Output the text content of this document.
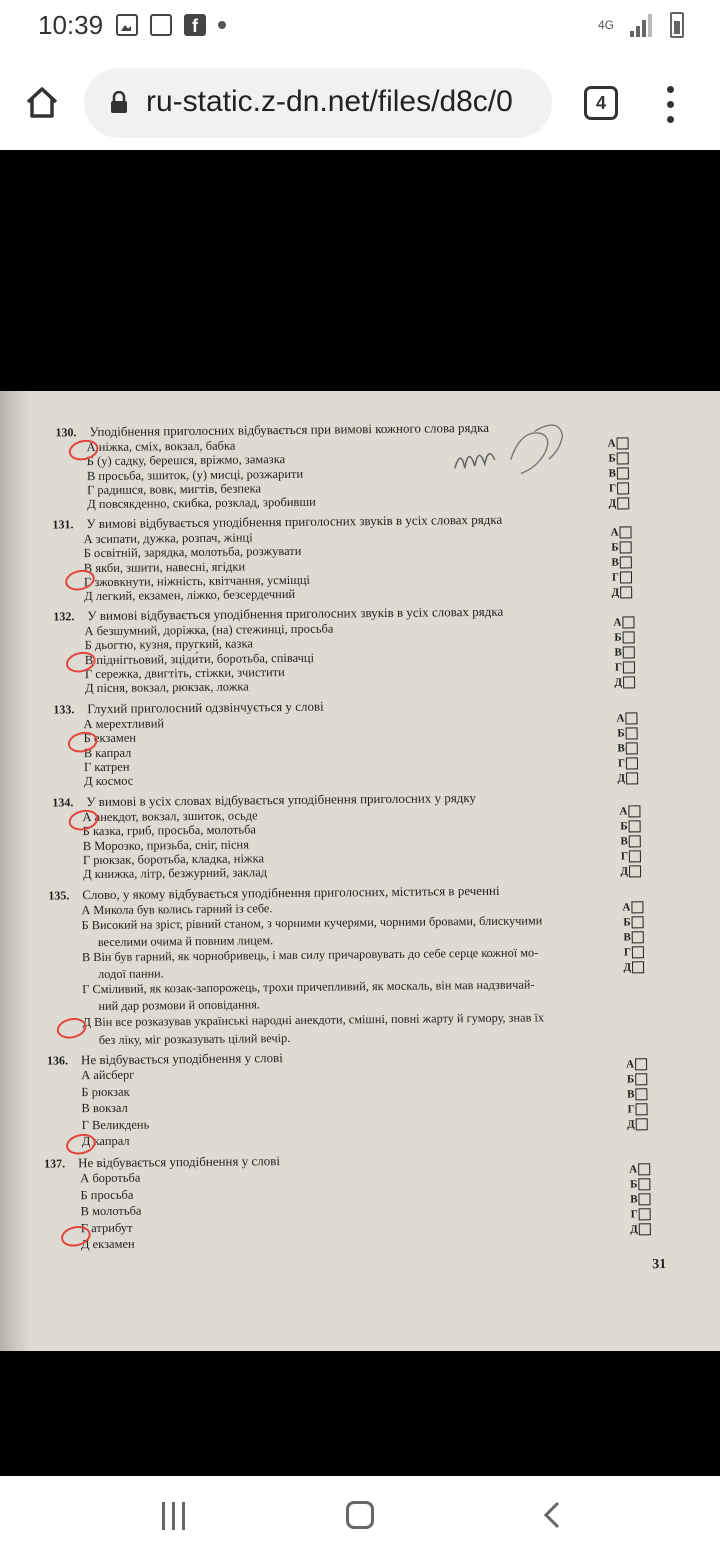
10:39	f	4G
ru-static.z-dn.net/files/d8c/0	4
31
130. Уподібнення приголосних відбувається при вимові кожного слова рядка
А ніжка, сміх, вокзал, бабка
Б (у) садку, берешся, вріжмо, замазка
В просьба, зшиток, (у) мисці, розжарити
Г радишся, вовк, мигтів, безпека
Д повсякденно, скибка, розклад, зробивши
А
Б
В
Г
Д
131. У вимові відбувається уподібнення приголосних звуків в усіх словах рядка
А зсипати, дужка, розпач, жінці
Б освітній, зарядка, молотьба, розжувати
В якби, зшити, навесні, ягідки
Г зжовкнути, ніжність, квітчання, усміщці
Д легкий, екзамен, ліжко, безсердечний
А
Б
В
Г
Д
132. У вимові відбувається уподібнення приголосних звуків в усіх словах рядка
А безшумний, доріжка, (на) стежинці, просьба
Б дьогтю, кузня, пругкий, казка
В підніґтьовий, зціди́ти, боротьба, співачці
Г сережка, двигтіть, стіжки, зчистити
Д пісня, вокзал, рюкзак, ложка
А
Б
В
Г
Д
133. Глухий приголосний одзвінчується у слові
А мерехтливий
Б екзамен
В капрал
Г катрен
Д космос
А
Б
В
Г
Д
134. У вимові в усіх словах відбувається уподібнення приголосних у рядку
А анекдот, вокзал, зшиток, осьде
Б казка, гриб, просьба, молотьба
В Морозко, призьба, сніг, пісня
Г рюкзак, боротьба, кладка, ніжка
Д книжка, літр, безжурний, заклад
А
Б
В
Г
Д
135. Слово, у якому відбувається уподібнення приголосних, міститься в реченні
А Микола був колись гарний із себе.
Б Високий на зріст, рівний станом, з чорними кучерями, чорними бровами, блискучими
веселими очима й повним лицем.
В Він був гарний, як чорнобривець, і мав силу причаровувать до себе серце кожної мо-
лодої панни.
Г Сміливий, як козак-запорожець, трохи причепливий, як москаль, він мав надзвичай-
ний дар розмови й оповідання.
Д Він все розказував українські народні анекдоти, смішні, повні жарту й гумору, знав їх
без ліку, міг розказувать цілий вечір.
А
Б
В
Г
Д
136. Не відбувається уподібнення у слові
А айсберг
Б рюкзак
В вокзал
Г Великдень
Д капрал
А
Б
В
Г
Д
137. Не відбувається уподібнення у слові
А боротьба
Б просьба
В молотьба
Г атрибут
Д екзамен
А
Б
В
Г
Д
